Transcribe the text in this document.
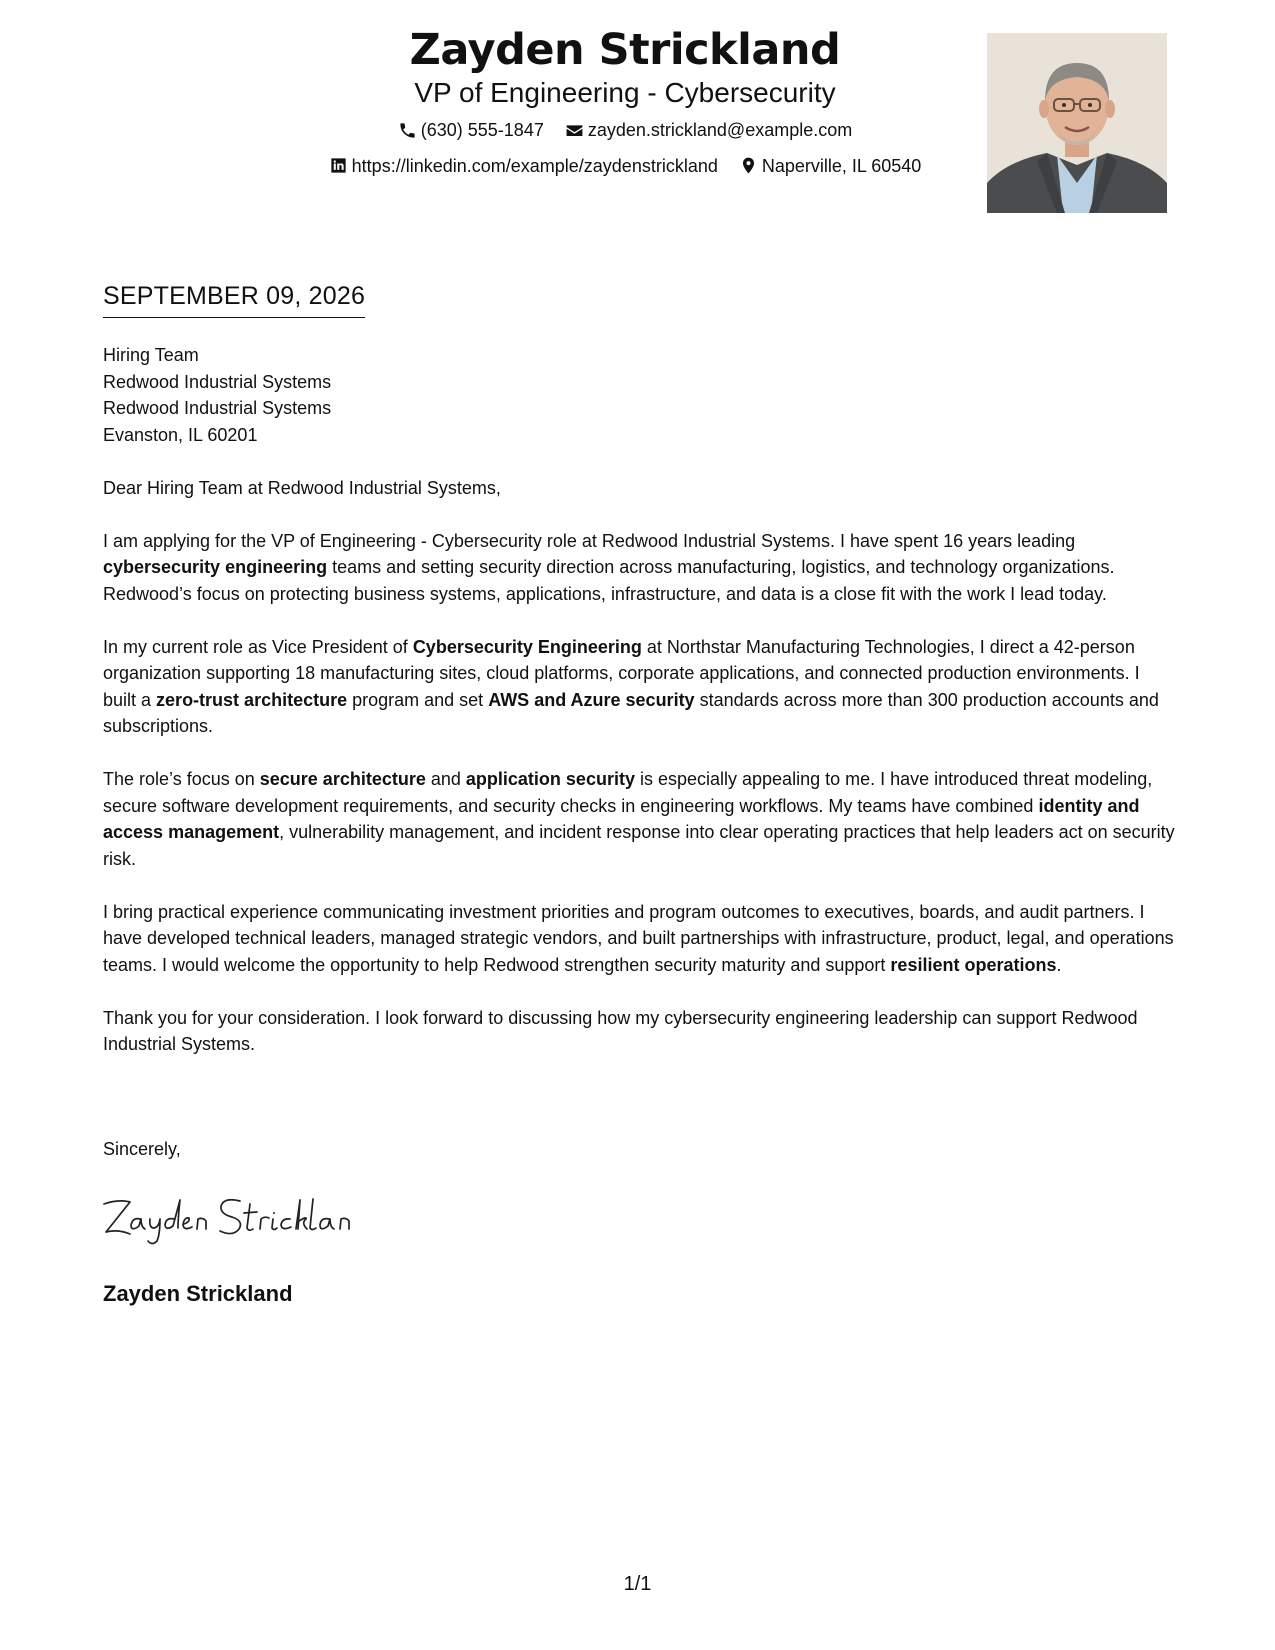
Zayden Strickland
VP of Engineering - Cybersecurity
(630) 555-1847
zayden.strickland@example.com
https://linkedin.com/example/zaydenstrickland
Naperville, IL 60540
SEPTEMBER 09, 2026
Hiring Team
Redwood Industrial Systems
Redwood Industrial Systems
Evanston, IL 60201

Dear Hiring Team at Redwood Industrial Systems,

I am applying for the VP of Engineering - Cybersecurity role at Redwood Industrial Systems. I have spent 16 years leading cybersecurity engineering teams and setting security direction across manufacturing, logistics, and technology organizations. Redwood’s focus on protecting business systems, applications, infrastructure, and data is a close fit with the work I lead today.

In my current role as Vice President of Cybersecurity Engineering at Northstar Manufacturing Technologies, I direct a 42-person organization supporting 18 manufacturing sites, cloud platforms, corporate applications, and connected production environments. I built a zero-trust architecture program and set AWS and Azure security standards across more than 300 production accounts and subscriptions.

The role’s focus on secure architecture and application security is especially appealing to me. I have introduced threat modeling, secure software development requirements, and security checks in engineering workflows. My teams have combined identity and access management, vulnerability management, and incident response into clear operating practices that help leaders act on security risk.

I bring practical experience communicating investment priorities and program outcomes to executives, boards, and audit partners. I have developed technical leaders, managed strategic vendors, and built partnerships with infrastructure, product, legal, and operations teams. I would welcome the opportunity to help Redwood strengthen security maturity and support resilient operations.

Thank you for your consideration. I look forward to discussing how my cybersecurity engineering leadership can support Redwood Industrial Systems.

Sincerely,
Zayden Strickland
1/1
